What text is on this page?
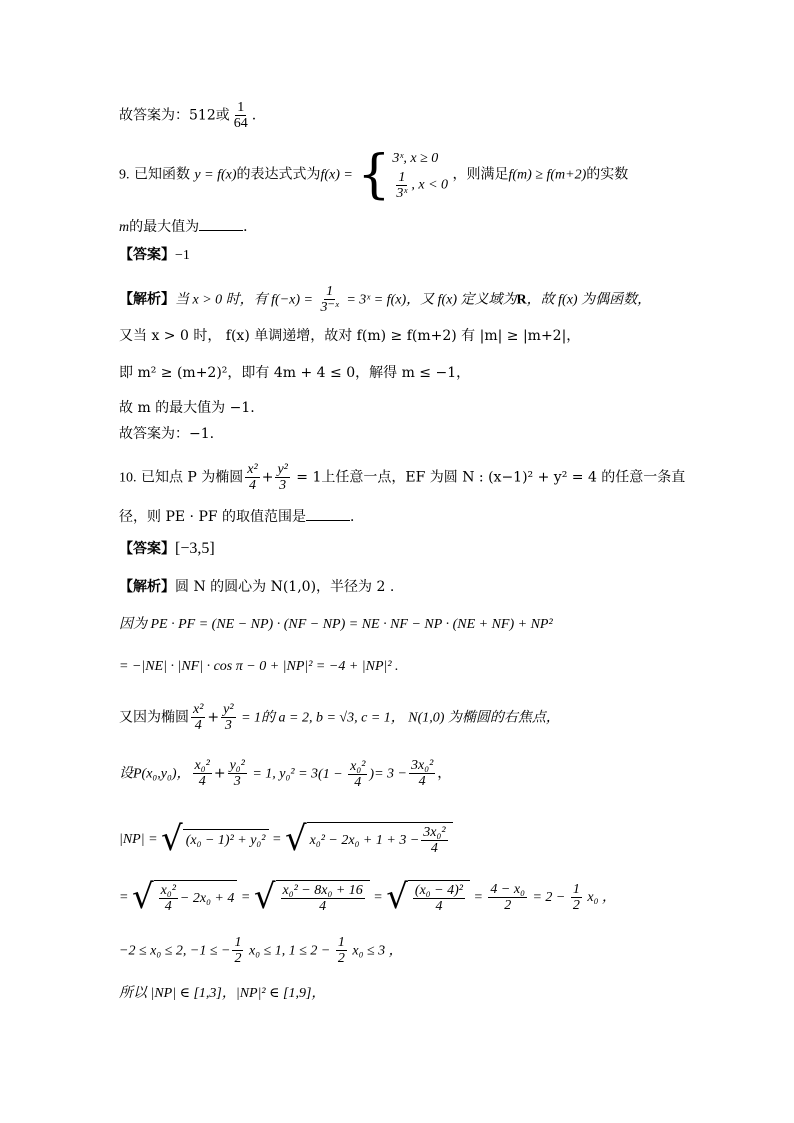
故答案为：512或 $\frac{1}{64}$ .
9. 已知函数 y = f(x)的表达式式为f(x) = { 3ˣ, x ≥ 0
$\frac{1}{\text{3ˣ}}$ , x < 0
，则满足f(m) ≥ f(m+2)的实数
m的最大值为	．
【答案】−1
【解析】当 x > 0 时，有 $f(-x) = \frac{1}{\text{3⁻ˣ}}$ = 3ˣ = f(x)，又 f(x) 定义域为R，故 f(x) 为偶函数，
又当 x > 0 时， f(x) 单调递增，故对 f(m) ≥ f(m+2) 有 |m| ≥ |m+2|，
即 m² ≥ (m+2)²，即有 4m + 4 ≤ 0，解得 m ≤ −1，
故 m 的最大值为 −1.
故答案为：−1.
10. 已知点 P 为椭圆 $\frac{\text{x²}}{4} + \frac{\text{y²}}{3} = 1$上任意一点，EF 为圆 N : (x−1)² + y² = 4 的任意一条直
径，则 PE · PF 的取值范围是	．
【答案】[−3,5]
【解析】圆 N 的圆心为 N(1,0)，半径为 2 .
因为 PE · PF = (NE − NP) · (NF − NP) = NE · NF − NP · (NE + NF) + NP²
= −|NE| · |NF| · cos π − 0 + |NP|² = −4 + |NP|² .
又因为椭圆 $\frac{\text{x²}}{4} + \frac{\text{y²}}{3} = 1$的 a = 2, b = √3, c = 1， N(1,0) 为椭圆的右焦点，
设P(x₀,y₀)， $\frac{\text{x₀²}}{4} + \frac{\text{y₀²}}{3} = 1$, $y_0^2 = 3(1 - \frac{\text{x₀²}}{4}$ )= $3 - \frac{\text{3x₀²}}{4}$ ，
|NP| = √ (x₀ − 1)² + y₀² = √ $x_0^2 - 2x_0 + 1 + 3 - \frac{\text{3x₀²}}{4}$
= √ $\frac{\text{x₀²}}{4} - 2x_0 + 4$ = √ $\frac{\text{x₀² − 8x₀ + 16}}{4}$ = √ $\frac{\text{(x₀ − 4)²}}{4} = \frac{\text{4 − x₀}}{2} = 2 - \frac{1}{2} x_0$ ，
−2 ≤ x₀ ≤ 2, −1 ≤ − $\frac{1}{2} x_0 \le 1$, $1 \le 2 - \frac{1}{2} x_0 \le 3$ ，
所以 |NP| ∈ [1,3]，|NP|² ∈ [1,9]，
